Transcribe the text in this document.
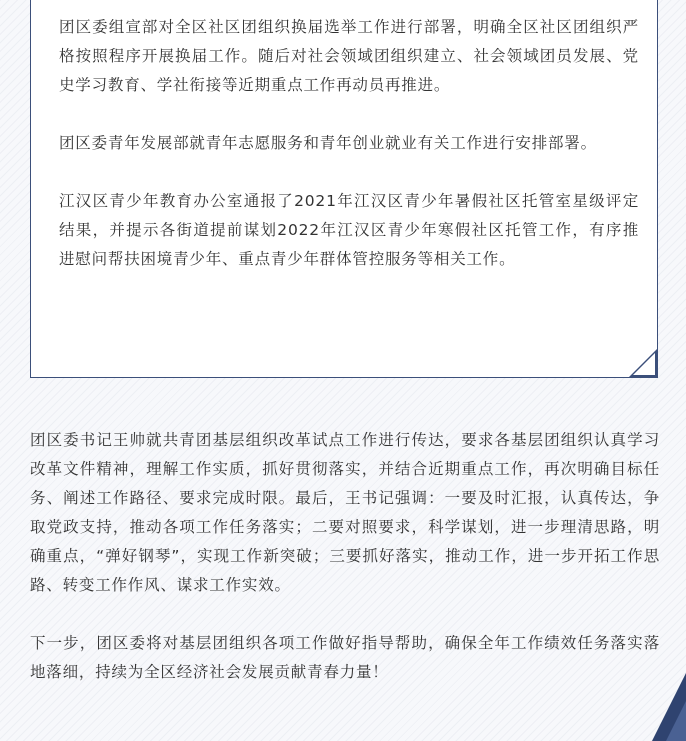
团区委组宣部对全区社区团组织换届选举工作进行部署，明确全区社区团组织严格按照程序开展换届工作。随后对社会领域团组织建立、社会领域团员发展、党史学习教育、学社衔接等近期重点工作再动员再推进。

团区委青年发展部就青年志愿服务和青年创业就业有关工作进行安排部署。

江汉区青少年教育办公室通报了2021年江汉区青少年暑假社区托管室星级评定结果，并提示各街道提前谋划2022年江汉区青少年寒假社区托管工作，有序推进慰问帮扶困境青少年、重点青少年群体管控服务等相关工作。

团区委书记王帅就共青团基层组织改革试点工作进行传达，要求各基层团组织认真学习改革文件精神，理解工作实质，抓好贯彻落实，并结合近期重点工作，再次明确目标任务、阐述工作路径、要求完成时限。最后，王书记强调：一要及时汇报，认真传达，争取党政支持，推动各项工作任务落实；二要对照要求，科学谋划，进一步理清思路，明确重点，“弹好钢琴”，实现工作新突破；三要抓好落实，推动工作，进一步开拓工作思路、转变工作作风、谋求工作实效。

下一步，团区委将对基层团组织各项工作做好指导帮助，确保全年工作绩效任务落实落地落细，持续为全区经济社会发展贡献青春力量！
